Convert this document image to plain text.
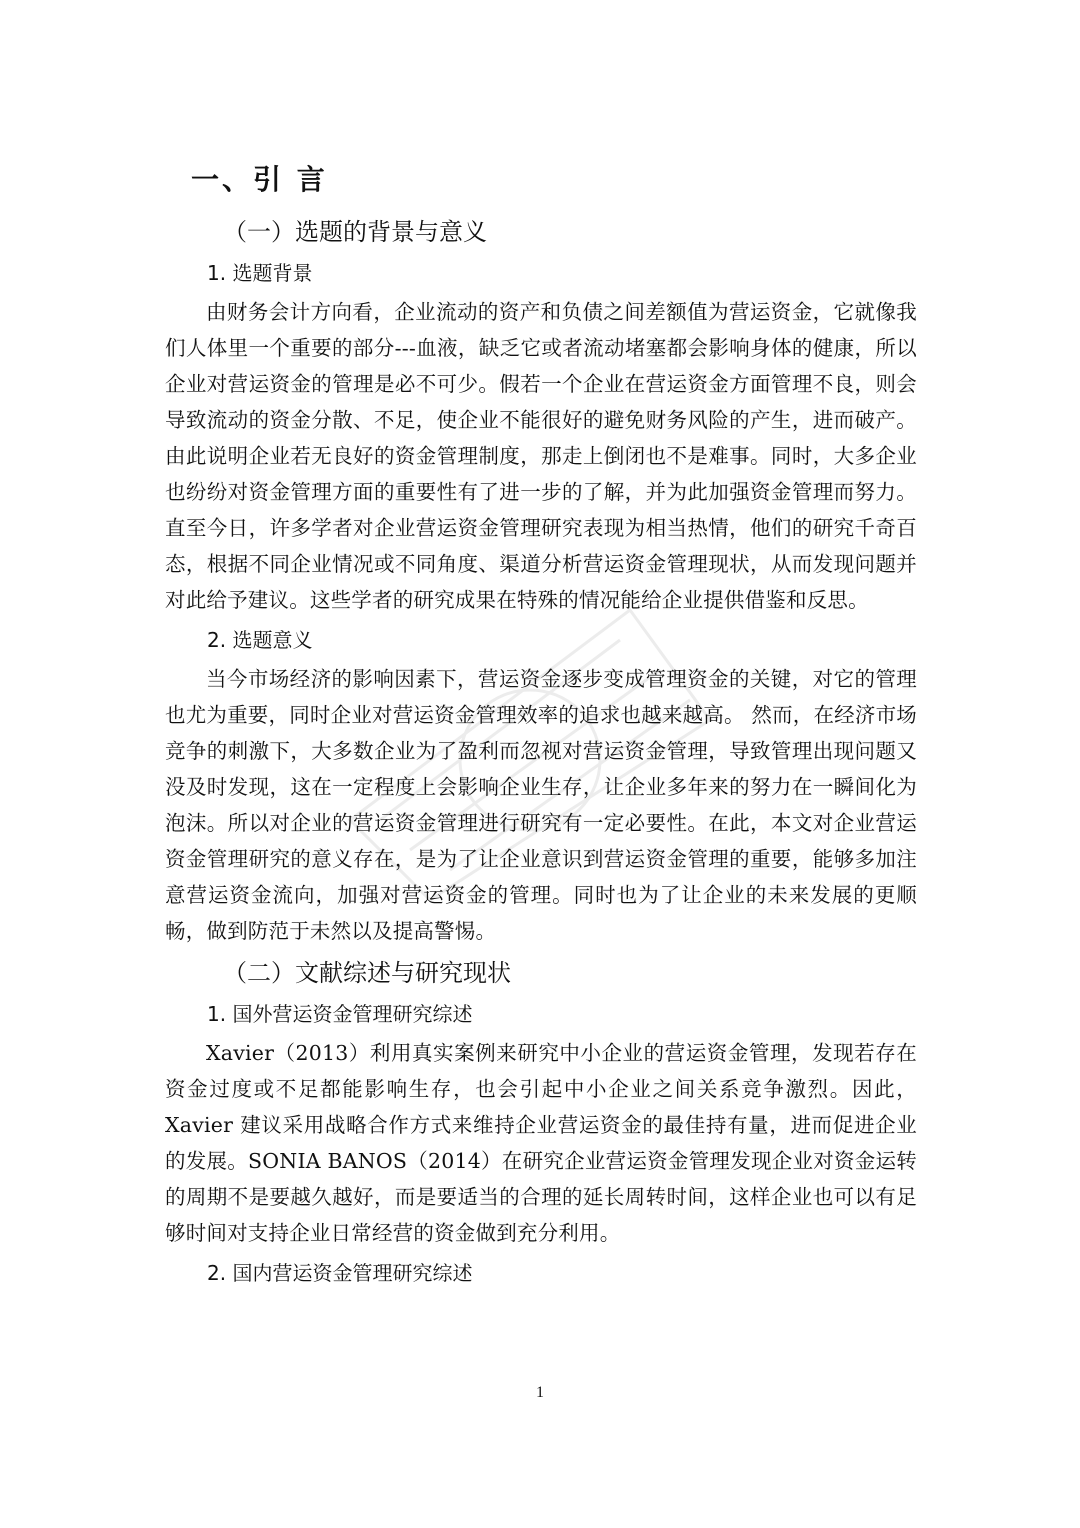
一、引 言
（一）选题的背景与意义
1. 选题背景

由财务会计方向看，企业流动的资产和负债之间差额值为营运资金，它就像我们人体里一个重要的部分---血液，缺乏它或者流动堵塞都会影响身体的健康，所以企业对营运资金的管理是必不可少。假若一个企业在营运资金方面管理不良，则会导致流动的资金分散、不足，使企业不能很好的避免财务风险的产生，进而破产。由此说明企业若无良好的资金管理制度，那走上倒闭也不是难事。同时，大多企业也纷纷对资金管理方面的重要性有了进一步的了解，并为此加强资金管理而努力。直至今日，许多学者对企业营运资金管理研究表现为相当热情，他们的研究千奇百态，根据不同企业情况或不同角度、渠道分析营运资金管理现状，从而发现问题并对此给予建议。这些学者的研究成果在特殊的情况能给企业提供借鉴和反思。

2. 选题意义

当今市场经济的影响因素下，营运资金逐步变成管理资金的关键，对它的管理也尤为重要，同时企业对营运资金管理效率的追求也越来越高。 然而，在经济市场竞争的刺激下，大多数企业为了盈利而忽视对营运资金管理，导致管理出现问题又没及时发现，这在一定程度上会影响企业生存，让企业多年来的努力在一瞬间化为泡沫。所以对企业的营运资金管理进行研究有一定必要性。在此，本文对企业营运资金管理研究的意义存在，是为了让企业意识到营运资金管理的重要，能够多加注意营运资金流向，加强对营运资金的管理。同时也为了让企业的未来发展的更顺畅，做到防范于未然以及提高警惕。

（二）文献综述与研究现状
1. 国外营运资金管理研究综述

Xavier（2013）利用真实案例来研究中小企业的营运资金管理，发现若存在资金过度或不足都能影响生存，也会引起中小企业之间关系竞争激烈。因此，Xavier 建议采用战略合作方式来维持企业营运资金的最佳持有量，进而促进企业的发展。SONIA BANOS（2014）在研究企业营运资金管理发现企业对资金运转的周期不是要越久越好，而是要适当的合理的延长周转时间，这样企业也可以有足够时间对支持企业日常经营的资金做到充分利用。

2. 国内营运资金管理研究综述
1
